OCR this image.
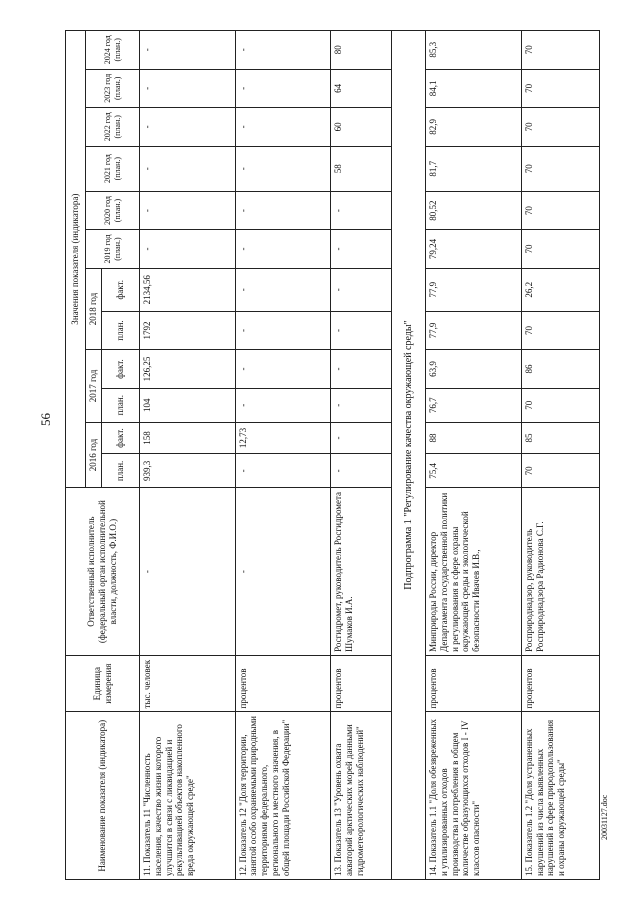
56
20031127.doc
Наименование показателя (индикатора)	Единица измерения	Ответственный исполнитель (федеральный орган исполнительной власти, должность, Ф.И.О.)	Значения показателя (индикатора)											
			2016 год		2017 год		2018 год		2019 год (план.)	2020 год (план.)	2021 год (план.)	2022 год (план.)	2023 год (план.)	2024 год (план.)
			план.	факт.	план.	факт.	план.	факт.						
11. Показатель 11 "Численность населения, качество жизни которого улучшится в связи с ликвидацией и рекультивацией объектов накопленного вреда окружающей среде"	тыс. человек	-	939,3	158	104	126,25	1792	2134,56	-	-	-	-	-	-
12. Показатель 12 "Доля территории, занятой особо охраняемыми природными территориями федерального, регионального и местного значения, в общей площади Российской Федерации"	процентов	-	-	12,73	-	-	-	-	-	-	-	-	-	-
13. Показатель 13 "Уровень охвата акваторий арктических морей данными гидрометеорологических наблюдений"	процентов	Росгидромет, руководитель Росгидромета Шумаков И.А.	-	-	-	-	-	-	-	-	58	60	64	80
Подпрограмма 1 "Регулирование качества окружающей среды"														
14. Показатель 1.1 "Доля обезвреженных и утилизированных отходов производства и потребления в общем количестве образующихся отходов I - IV классов опасности"	процентов	Минприроды России, директор Департамента государственной политики и регулирования в сфере охраны окружающей среды и экологической безопасности Ивачев И.В.,	75,4	88	76,7	63,9	77,9	77,9	79,24	80,52	81,7	82,9	84,1	85,3
15. Показатель 1.2 "Доля устраненных нарушений из числа выявленных нарушений в сфере природопользования и охраны окружающей среды"	процентов	Росприроднадзор, руководитель Росприроднадзора Радионова С.Г.	70	85	70	86	70	26,2	70	70	70	70	70	70
